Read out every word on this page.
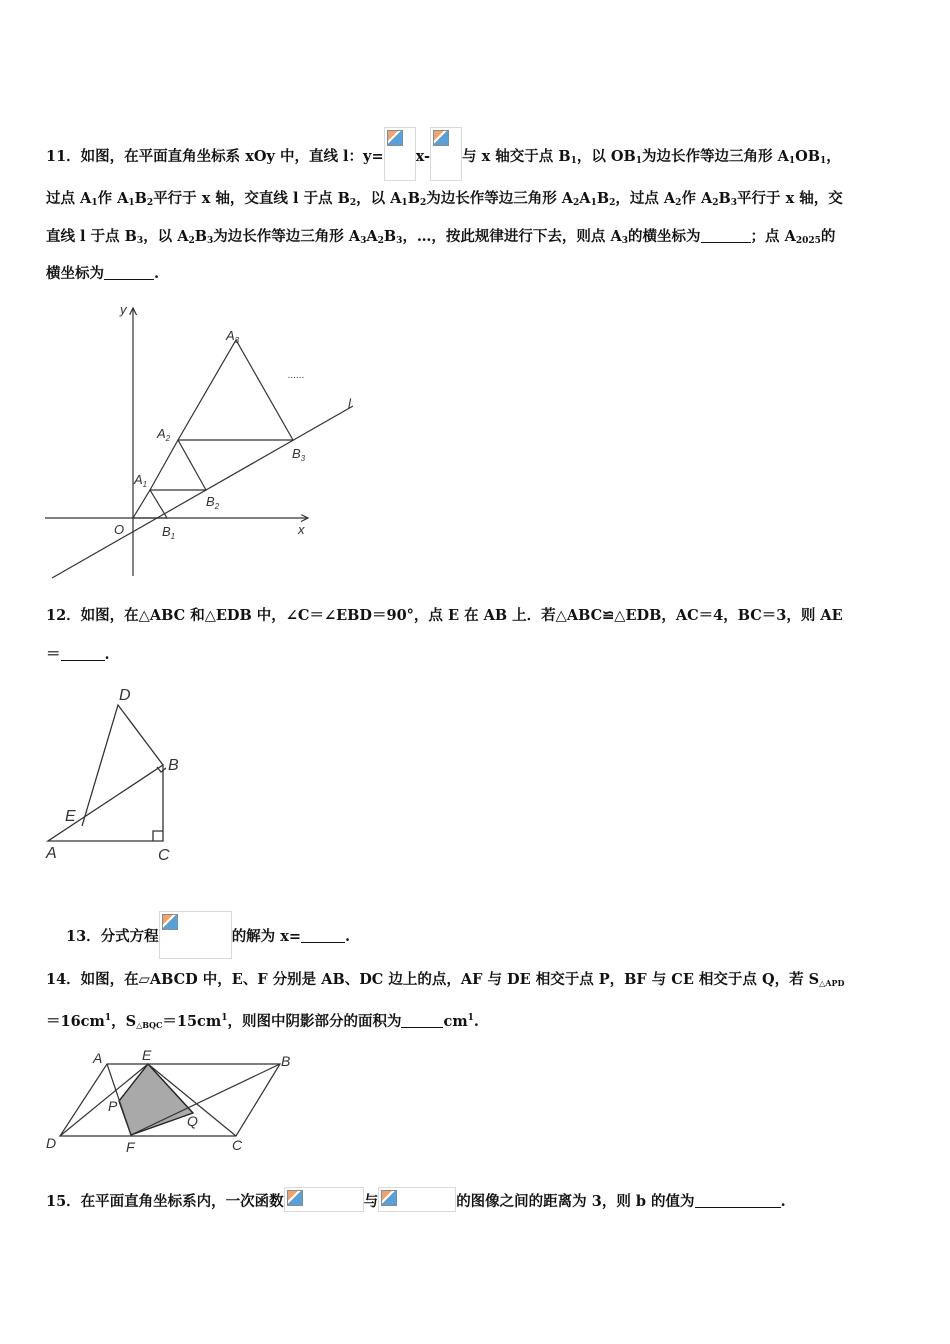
11．如图，在平面直角坐标系 xOy 中，直线 l：y= x- 与 x 轴交于点 $B_1$，以 $OB_1$为边长作等边三角形 $A_1OB_1$，
过点 $A_1$作 $A_1B_2$平行于 x 轴，交直线 l 于点 $B_2$，以 $A_1B_2$为边长作等边三角形 $A_2A_1B_2$，过点 $A_2$作 $A_2B_3$平行于 x 轴，交
直线 l 于点 $B_3$，以 $A_2B_3$为边长作等边三角形 $A_3A_2B_3$，…，按此规律进行下去，则点 $A_3$的横坐标为	；点 $A_{2025}$的
横坐标为	.
......
y
x
O
l
$A_1$
$A_2$
$A_3$
$B_1$
$B_2$
$B_3$
12．如图，在△ABC 和△EDB 中，∠C＝∠EBD＝90°，点 E 在 AB 上．若△ABC≌△EDB，AC＝4，BC＝3，则 AE
＝	.
D
B
E
A	C
13．分式方程	的解为 x=	.
14．如图，在▱ABCD 中，E、F 分别是 AB、DC 边上的点，AF 与 DE 相交于点 P，BF 与 CE 相交于点 Q，若 $S_{\triangle APD}$
$=16cm^1$，$S_{\triangle BQC}=15cm^1$，则图中阴影部分的面积为	$cm^1$.
A	E	B
P
Q
D	F	C
15．在平面直角坐标系内，一次函数	与	的图像之间的距离为 3，则 b 的值为	.
